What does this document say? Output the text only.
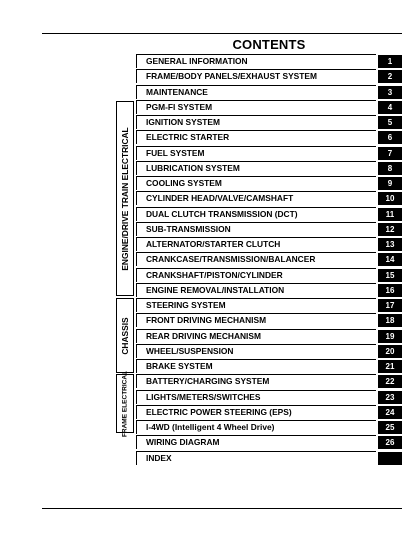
CONTENTS
ENGINE/DRIVE TRAIN ELECTRICAL
CHASSIS
FRAME ELECTRICAL
GENERAL INFORMATION	1
FRAME/BODY PANELS/EXHAUST SYSTEM	2
MAINTENANCE	3
PGM-FI SYSTEM	4
IGNITION SYSTEM	5
ELECTRIC STARTER	6
FUEL SYSTEM	7
LUBRICATION SYSTEM	8
COOLING SYSTEM	9
CYLINDER HEAD/VALVE/CAMSHAFT	10
DUAL CLUTCH TRANSMISSION (DCT)	11
SUB-TRANSMISSION	12
ALTERNATOR/STARTER CLUTCH	13
CRANKCASE/TRANSMISSION/BALANCER	14
CRANKSHAFT/PISTON/CYLINDER	15
ENGINE REMOVAL/INSTALLATION	16
STEERING SYSTEM	17
FRONT DRIVING MECHANISM	18
REAR DRIVING MECHANISM	19
WHEEL/SUSPENSION	20
BRAKE SYSTEM	21
BATTERY/CHARGING SYSTEM	22
LIGHTS/METERS/SWITCHES	23
ELECTRIC POWER STEERING (EPS)	24
I-4WD (Intelligent 4 Wheel Drive)	25
WIRING DIAGRAM	26
INDEX
